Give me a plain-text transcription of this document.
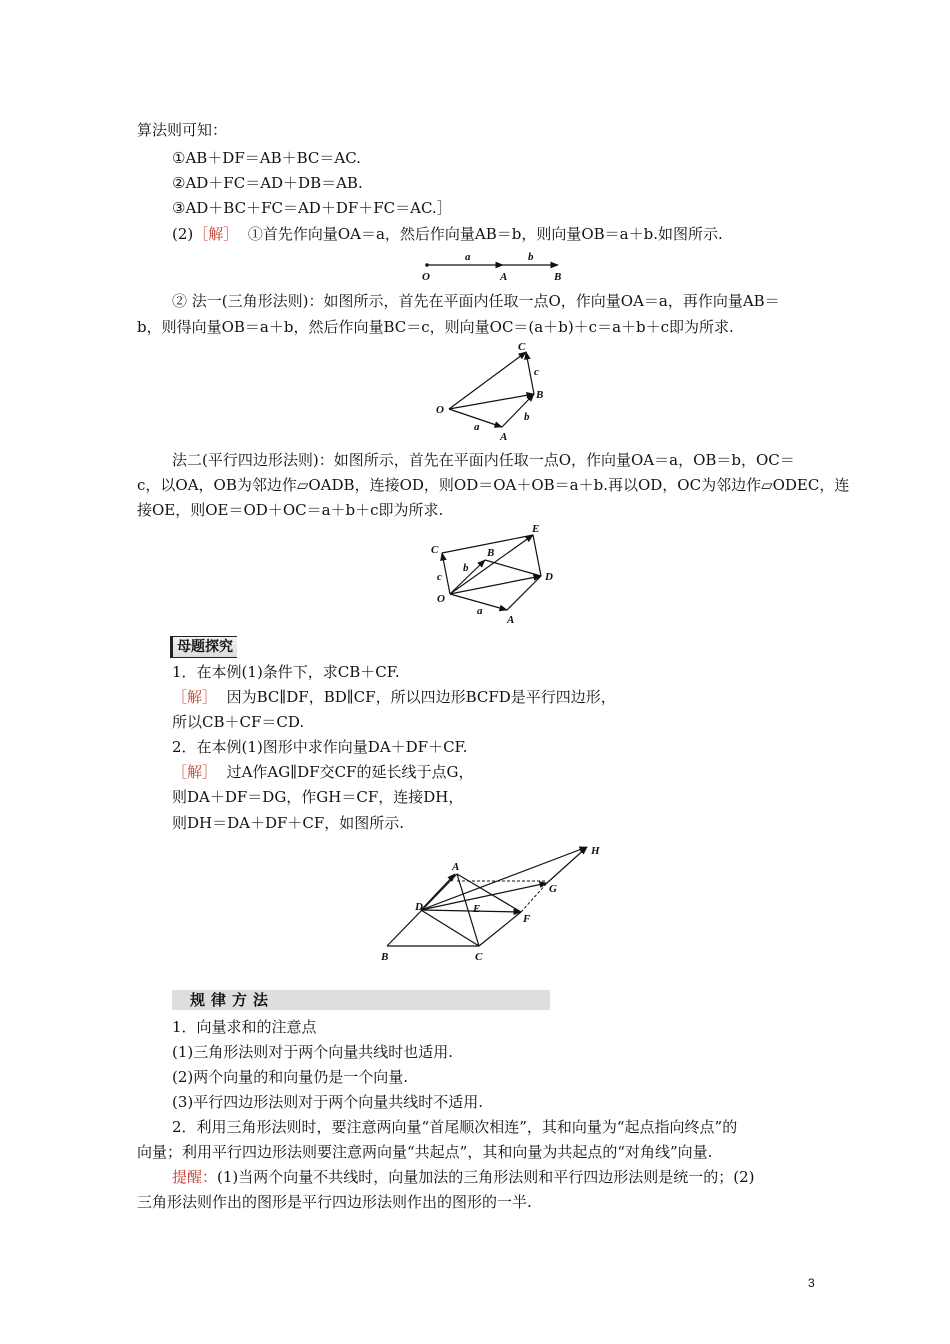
算法则可知：
①AB＋DF＝AB＋BC＝AC.
②AD＋FC＝AD＋DB＝AB.
③AD＋BC＋FC＝AD＋DF＋FC＝AC.］
(2)［解］ ①首先作向量OA＝a，然后作向量AB＝b，则向量OB＝a＋b.如图所示.
O	A	B
a	b
② 法一(三角形法则)：如图所示，首先在平面内任取一点O，作向量OA＝a，再作向量AB＝
b，则得向量OB＝a＋b，然后作向量BC＝c，则向量OC＝(a＋b)＋c＝a＋b＋c即为所求.
O
A
B
C
a
b
c
法二(平行四边形法则)：如图所示，首先在平面内任取一点O，作向量OA＝a，OB＝b，OC＝
c，以OA，OB为邻边作▱OADB，连接OD，则OD＝OA＋OB＝a＋b.再以OD，OC为邻边作▱ODEC，连
接OE，则OE＝OD＋OC＝a＋b＋c即为所求.
O
A
B
C
D
E
a
b
c
母题探究
1．在本例(1)条件下，求CB＋CF.
［解］ 因为BC∥DF，BD∥CF，所以四边形BCFD是平行四边形，
所以CB＋CF＝CD.
2．在本例(1)图形中求作向量DA＋DF＋CF.
［解］ 过A作AG∥DF交CF的延长线于点G，
则DA＋DF＝DG，作GH＝CF，连接DH，
则DH＝DA＋DF＋CF，如图所示.
B	C
D
A
E
F
G
H
规律方法
1．向量求和的注意点
(1)三角形法则对于两个向量共线时也适用.
(2)两个向量的和向量仍是一个向量.
(3)平行四边形法则对于两个向量共线时不适用.
2．利用三角形法则时，要注意两向量“首尾顺次相连”，其和向量为“起点指向终点”的
向量；利用平行四边形法则要注意两向量“共起点”，其和向量为共起点的“对角线”向量.
提醒：(1)当两个向量不共线时，向量加法的三角形法则和平行四边形法则是统一的；(2)
三角形法则作出的图形是平行四边形法则作出的图形的一半.
3
